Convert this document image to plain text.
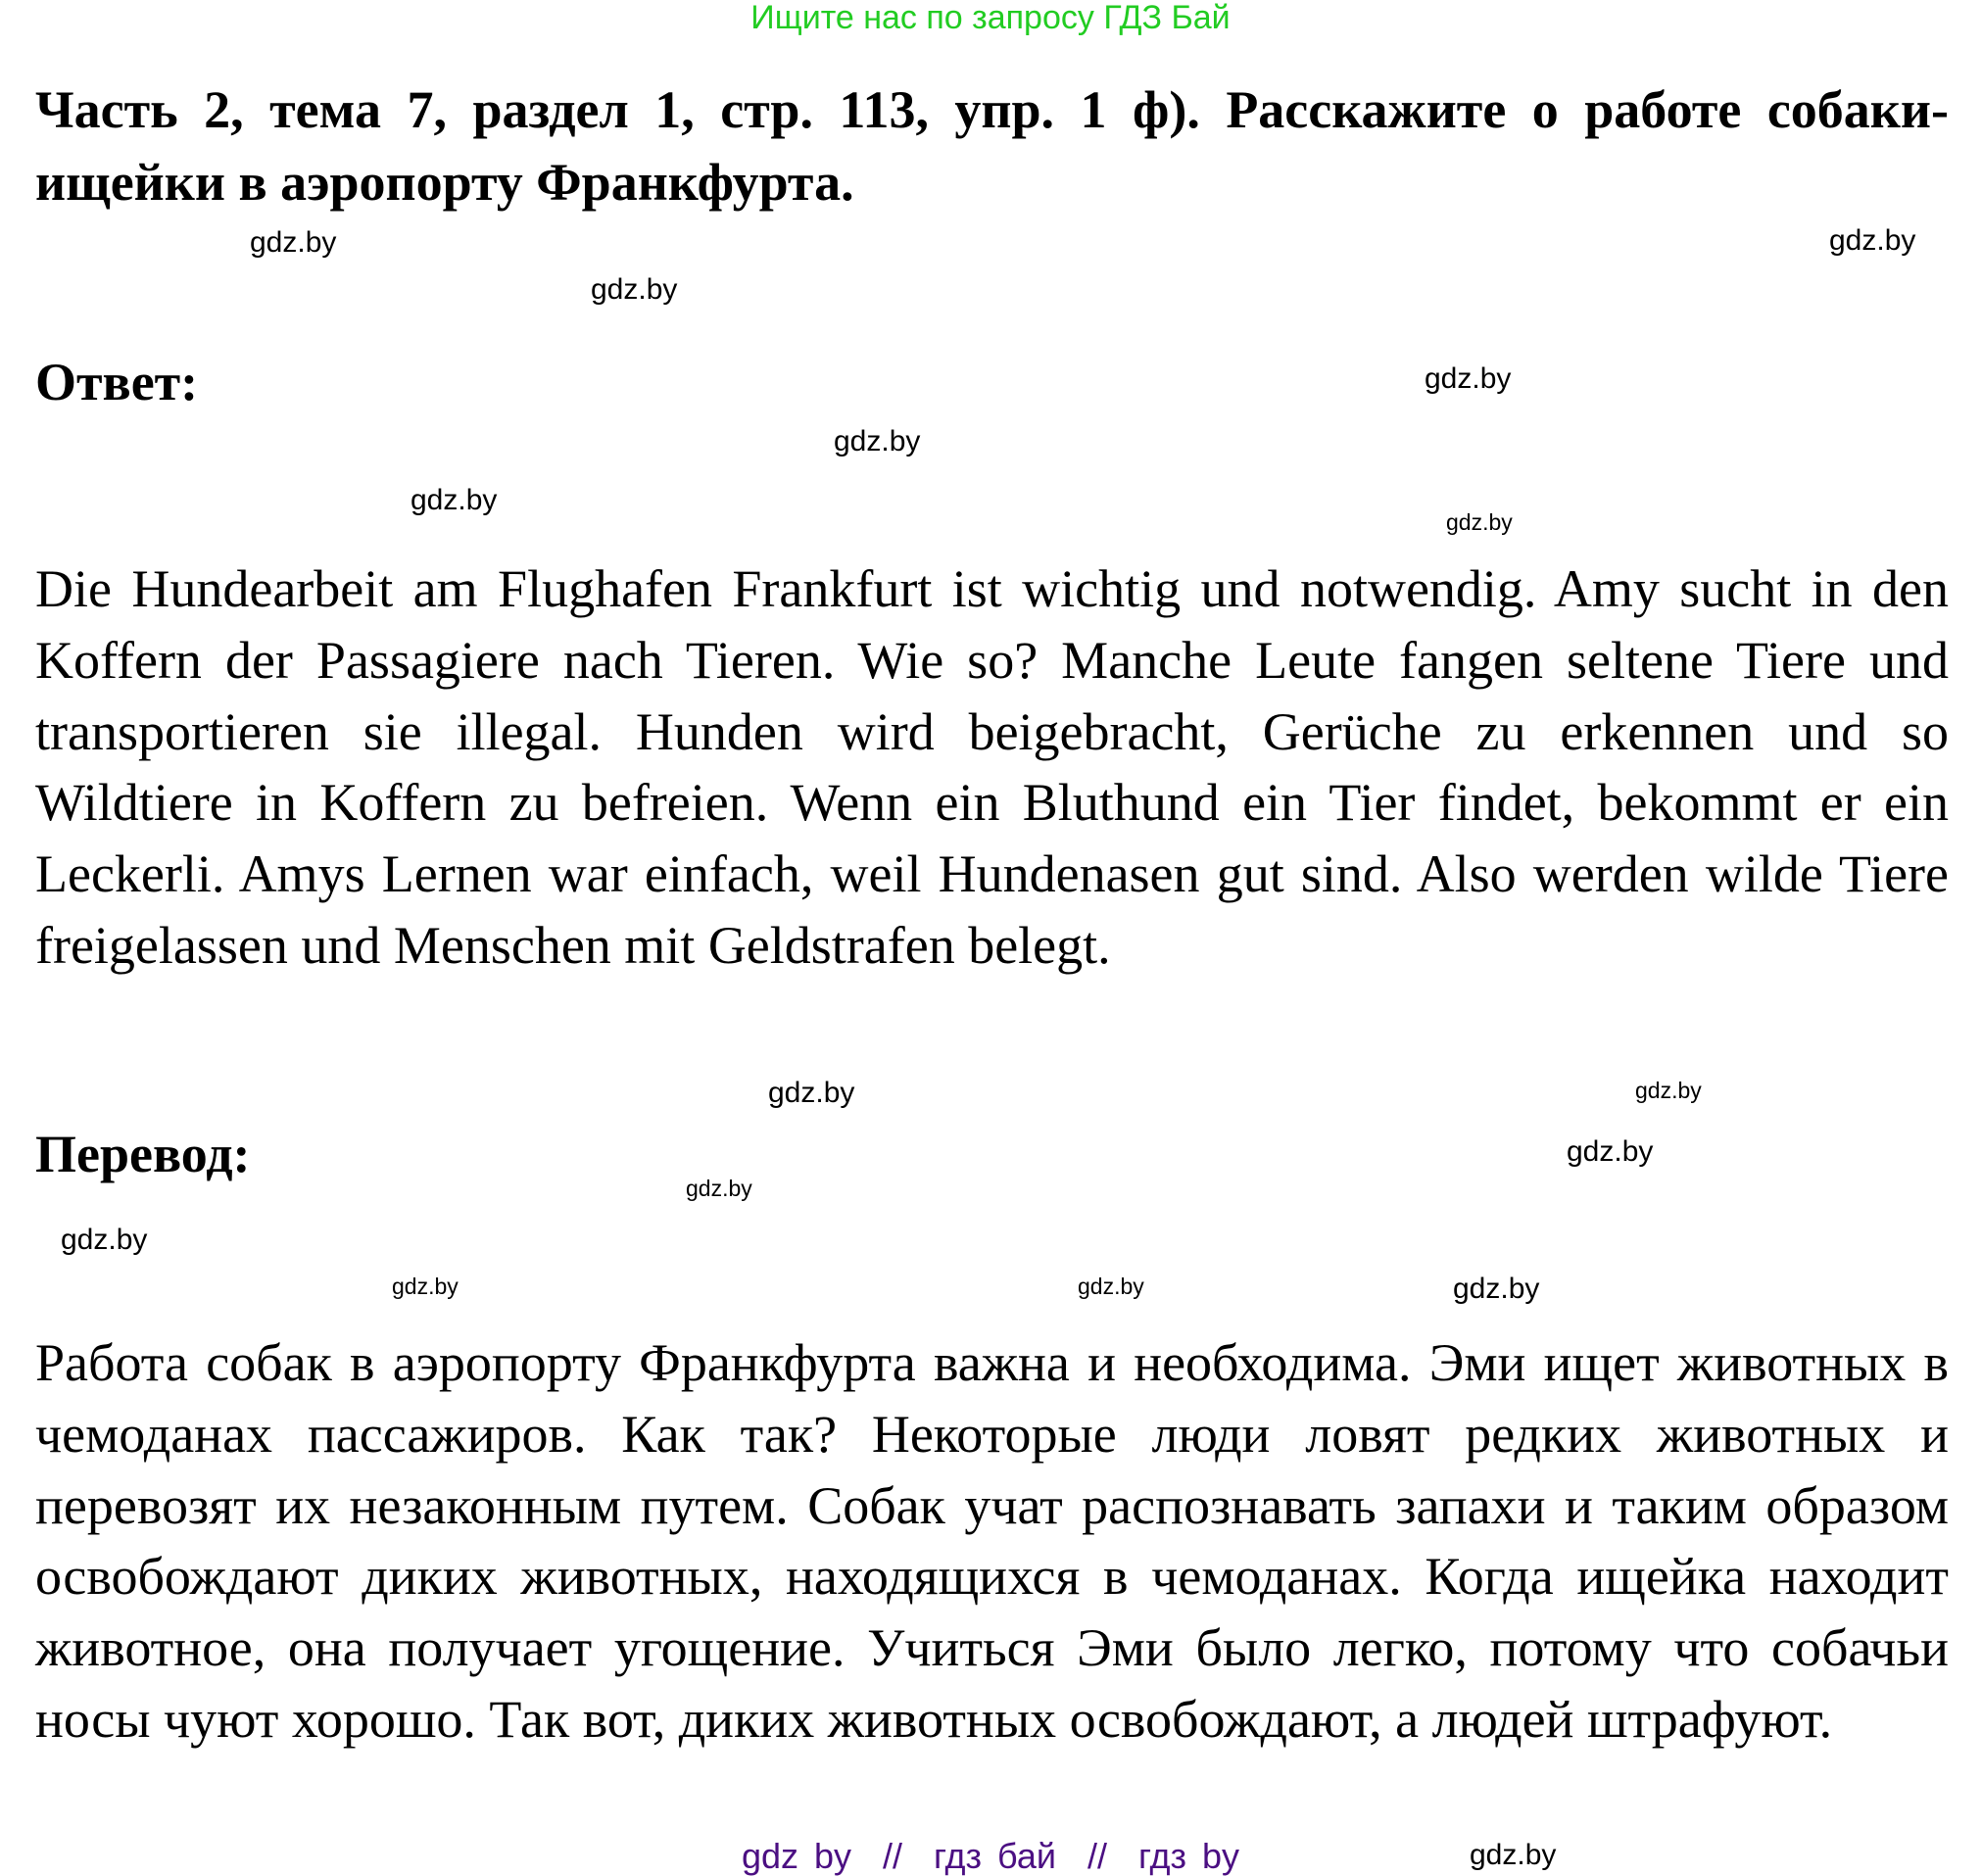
Ищите нас по запросу ГДЗ Бай
Часть 2, тема 7, раздел 1, стр. 113, упр. 1 ф). Расскажите о работе собаки-ищейки в аэропорту Франкфурта.
Ответ:
Die Hundearbeit am Flughafen Frankfurt ist wichtig und notwendig. Amy sucht in den Koffern der Passagiere nach Tieren. Wie so? Manche Leute fangen seltene Tiere und transportieren sie illegal. Hunden wird beigebracht, Gerüche zu erkennen und so Wildtiere in Koffern zu befreien. Wenn ein Bluthund ein Tier findet, bekommt er ein Leckerli. Amys Lernen war einfach, weil Hundenasen gut sind. Also werden wilde Tiere freigelassen und Menschen mit Geldstrafen belegt.
Перевод:
Работа собак в аэропорту Франкфурта важна и необходима. Эми ищет животных в чемоданах пассажиров. Как так? Некоторые люди ловят редких животных и перевозят их незаконным путем. Собак учат распознавать запахи и таким образом освобождают диких животных, находящихся в чемоданах. Когда ищейка находит животное, она получает угощение. Учиться Эми было легко, потому что собачьи носы чуют хорошо. Так вот, диких животных освобождают, а людей штрафуют.
gdz.by
gdz.by
gdz.by
gdz.by
gdz.by
gdz.by
gdz.by
gdz.by
gdz.by
gdz.by
gdz.by
gdz.by
gdz.by
gdz.by
gdz.by
gdz.by
gdz by  //  гдз бай  //  гдз by
